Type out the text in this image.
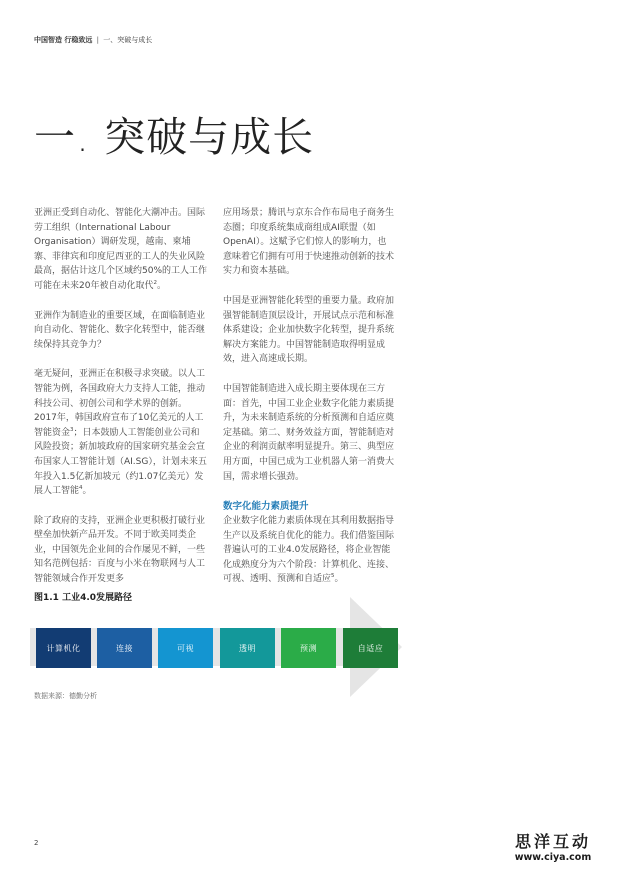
中国智造 行稳致远 | 一、突破与成长
一. 突破与成长

亚洲正受到自动化、智能化大潮冲击。国际劳工组织（International Labour Organisation）调研发现，越南、柬埔寨、菲律宾和印度尼西亚的工人的失业风险最高，据估计这几个区域约50%的工人工作可能在未来20年被自动化取代$^2$。

亚洲作为制造业的重要区域，在面临制造业向自动化、智能化、数字化转型中，能否继续保持其竞争力？

毫无疑问，亚洲正在积极寻求突破。以人工智能为例，各国政府大力支持人工能，推动科技公司、初创公司和学术界的创新。2017年，韩国政府宣布了10亿美元的人工智能资金$^3$；日本鼓励人工智能创业公司和风险投资；新加坡政府的国家研究基金会宣布国家人工智能计划（AI.SG），计划未来五年投入1.5亿新加坡元（约1.07亿美元）发展人工智能$^4$。

除了政府的支持，亚洲企业更积极打破行业壁垒加快新产品开发。不同于欧美同类企业，中国领先企业间的合作屡见不鲜，一些知名范例包括：百度与小米在物联网与人工智能领域合作开发更多

应用场景；腾讯与京东合作布局电子商务生态圈；印度系统集成商组成AI联盟（如OpenAI）。这赋予它们惊人的影响力，也意味着它们拥有可用于快速推动创新的技术实力和资本基础。

中国是亚洲智能化转型的重要力量。政府加强智能制造顶层设计，开展试点示范和标准体系建设；企业加快数字化转型，提升系统解决方案能力。中国智能制造取得明显成效，进入高速成长期。

中国智能制造进入成长期主要体现在三方面：首先，中国工业企业数字化能力素质提升，为未来制造系统的分析预测和自适应奠定基础。第二、财务效益方面，智能制造对企业的利润贡献率明显提升。第三、典型应用方面，中国已成为工业机器人第一消费大国，需求增长强劲。

数字化能力素质提升

企业数字化能力素质体现在其利用数据指导生产以及系统自优化的能力。我们借鉴国际普遍认可的工业4.0发展路径，将企业智能化成熟度分为六个阶段：计算机化、连接、可视、透明、预测和自适应$^5$。

图1.1 工业4.0发展路径
计算机化	连接	可视	透明	预测	自适应
数据来源：德勤分析
2	思洋互动
www.ciya.com
